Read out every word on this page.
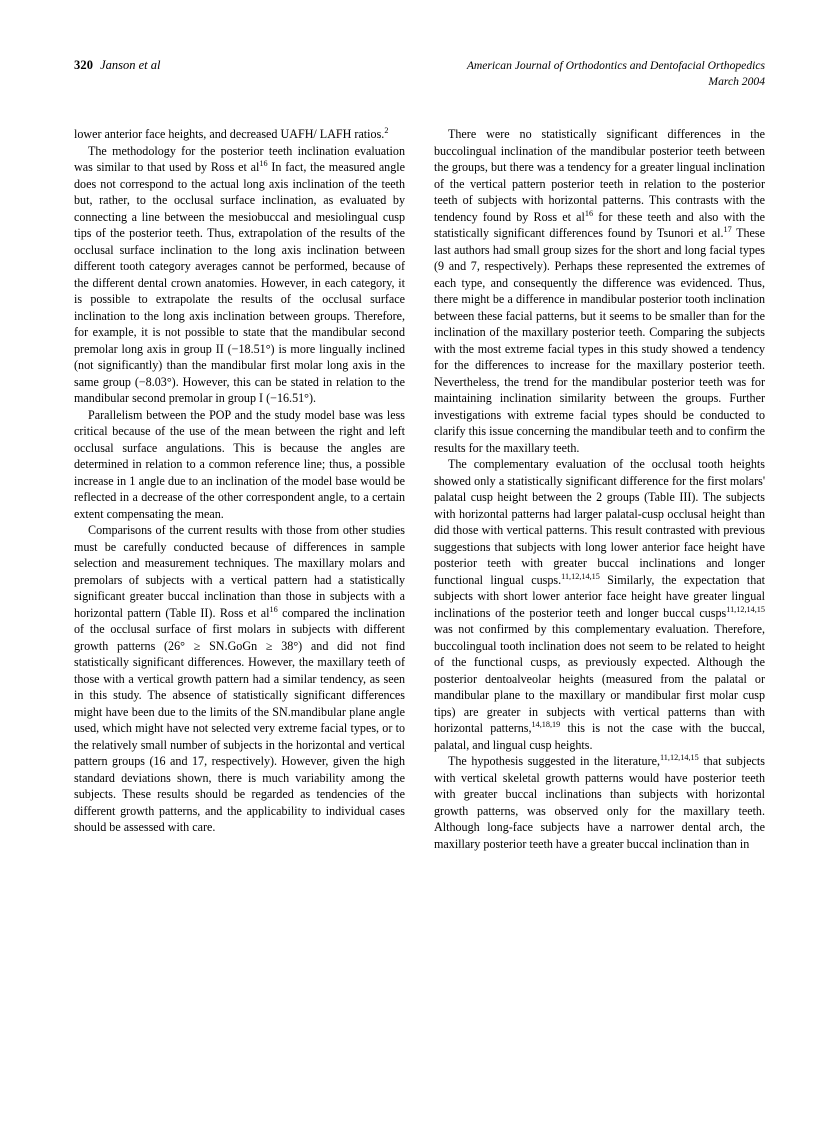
320 Janson et al	American Journal of Orthodontics and Dentofacial Orthopedics
March 2004

lower anterior face heights, and decreased UAFH/ LAFH ratios.$^2$

The methodology for the posterior teeth inclination evaluation was similar to that used by Ross et $al^{16}$ In fact, the measured angle does not correspond to the actual long axis inclination of the teeth but, rather, to the occlusal surface inclination, as evaluated by connecting a line between the mesiobuccal and mesiolingual cusp tips of the posterior teeth. Thus, extrapolation of the results of the occlusal surface inclination to the long axis inclination between different tooth category averages cannot be performed, because of the different dental crown anatomies. However, in each category, it is possible to extrapolate the results of the occlusal surface inclination to the long axis inclination between groups. Therefore, for example, it is not possible to state that the mandibular second premolar long axis in group II (−18.51°) is more lingually inclined (not significantly) than the mandibular first molar long axis in the same group (−8.03°). However, this can be stated in relation to the mandibular second premolar in group I (−16.51°).

Parallelism between the POP and the study model base was less critical because of the use of the mean between the right and left occlusal surface angulations. This is because the angles are determined in relation to a common reference line; thus, a possible increase in 1 angle due to an inclination of the model base would be reflected in a decrease of the other correspondent angle, to a certain extent compensating the mean.

Comparisons of the current results with those from other studies must be carefully conducted because of differences in sample selection and measurement techniques. The maxillary molars and premolars of subjects with a vertical pattern had a statistically significant greater buccal inclination than those in subjects with a horizontal pattern (Table II). Ross et $al^{16}$ compared the inclination of the occlusal surface of first molars in subjects with different growth patterns (26° ≥ SN.GoGn ≥ 38°) and did not find statistically significant differences. However, the maxillary teeth of those with a vertical growth pattern had a similar tendency, as seen in this study. The absence of statistically significant differences might have been due to the limits of the SN.mandibular plane angle used, which might have not selected very extreme facial types, or to the relatively small number of subjects in the horizontal and vertical pattern groups (16 and 17, respectively). However, given the high standard deviations shown, there is much variability among the subjects. These results should be regarded as tendencies of the different growth patterns, and the applicability to individual cases should be assessed with care.

There were no statistically significant differences in the buccolingual inclination of the mandibular posterior teeth between the groups, but there was a tendency for a greater lingual inclination of the vertical pattern posterior teeth in relation to the posterior teeth of subjects with horizontal patterns. This contrasts with the tendency found by Ross et $al^{16}$ for these teeth and also with the statistically significant differences found by Tsunori et al.$^{17}$ These last authors had small group sizes for the short and long facial types (9 and 7, respectively). Perhaps these represented the extremes of each type, and consequently the difference was evidenced. Thus, there might be a difference in mandibular posterior tooth inclination between these facial patterns, but it seems to be smaller than for the inclination of the maxillary posterior teeth. Comparing the subjects with the most extreme facial types in this study showed a tendency for the differences to increase for the maxillary posterior teeth. Nevertheless, the trend for the mandibular posterior teeth was for maintaining inclination similarity between the groups. Further investigations with extreme facial types should be conducted to clarify this issue concerning the mandibular teeth and to confirm the results for the maxillary teeth.

The complementary evaluation of the occlusal tooth heights showed only a statistically significant difference for the first molars' palatal cusp height between the 2 groups (Table III). The subjects with horizontal patterns had larger palatal-cusp occlusal height than did those with vertical patterns. This result contrasted with previous suggestions that subjects with long lower anterior face height have posterior teeth with greater buccal inclinations and longer functional lingual cusps.$^{11,12,14,15}$ Similarly, the expectation that subjects with short lower anterior face height have greater lingual inclinations of the posterior teeth and longer buccal cusps$^{11,12,14,15}$ was not confirmed by this complementary evaluation. Therefore, buccolingual tooth inclination does not seem to be related to height of the functional cusps, as previously expected. Although the posterior dentoalveolar heights (measured from the palatal or mandibular plane to the maxillary or mandibular first molar cusp tips) are greater in subjects with vertical patterns than with horizontal patterns,$^{14,18,19}$ this is not the case with the buccal, palatal, and lingual cusp heights.

The hypothesis suggested in the literature,$^{11,12,14,15}$ that subjects with vertical skeletal growth patterns would have posterior teeth with greater buccal inclinations than subjects with horizontal growth patterns, was observed only for the maxillary teeth. Although long-face subjects have a narrower dental arch, the maxillary posterior teeth have a greater buccal inclination than in
